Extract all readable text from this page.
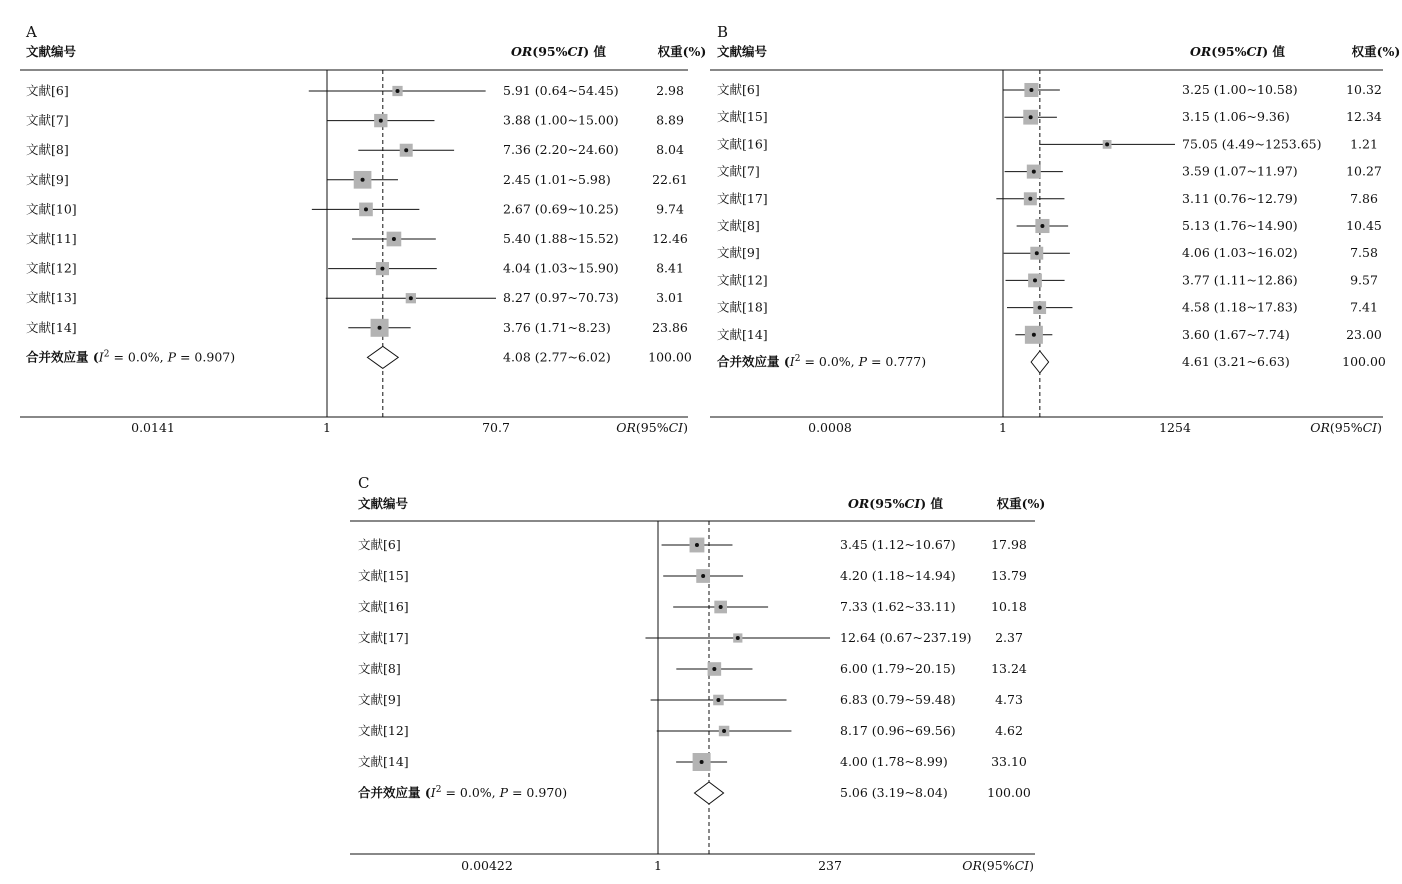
A
文献编号	OR(95%CI) 值	权重(%)
文献[6]	5.91 (0.64~54.45)	2.98
文献[7]	3.88 (1.00~15.00)	8.89
文献[8]	7.36 (2.20~24.60)	8.04
文献[9]	2.45 (1.01~5.98)	22.61
文献[10]	2.67 (0.69~10.25)	9.74
文献[11]	5.40 (1.88~15.52)	12.46
文献[12]	4.04 (1.03~15.90)	8.41
文献[13]	8.27 (0.97~70.73)	3.01
文献[14]	3.76 (1.71~8.23)	23.86
合并效应量 ($I^2 = 0.0\%$, P = 0.907)	4.08 (2.77~6.02)	100.00
0.0141	1	70.7	OR(95%CI)
B
文献编号	OR(95%CI) 值	权重(%)
文献[6]	3.25 (1.00~10.58)	10.32
文献[15]	3.15 (1.06~9.36)	12.34
文献[16]	75.05 (4.49~1253.65) 1.21
文献[7]	3.59 (1.07~11.97)	10.27
文献[17]	3.11 (0.76~12.79)	7.86
文献[8]	5.13 (1.76~14.90)	10.45
文献[9]	4.06 (1.03~16.02)	7.58
文献[12]	3.77 (1.11~12.86)	9.57
文献[18]	4.58 (1.18~17.83)	7.41
文献[14]	3.60 (1.67~7.74)	23.00
合并效应量 ($I^2 = 0.0\%$, P = 0.777)	4.61 (3.21~6.63)	100.00
0.0008	1	1254	OR(95%CI)
C
文献编号	OR(95%CI) 值	权重(%)
文献[6]	3.45 (1.12~10.67)	17.98
文献[15]	4.20 (1.18~14.94)	13.79
文献[16]	7.33 (1.62~33.11)	10.18
文献[17]	12.64 (0.67~237.19) 2.37
文献[8]	6.00 (1.79~20.15)	13.24
文献[9]	6.83 (0.79~59.48)	4.73
文献[12]	8.17 (0.96~69.56)	4.62
文献[14]	4.00 (1.78~8.99)	33.10
合并效应量 ($I^2 = 0.0\%$, P = 0.970)	5.06 (3.19~8.04)	100.00
0.00422	1	237	OR(95%CI)
